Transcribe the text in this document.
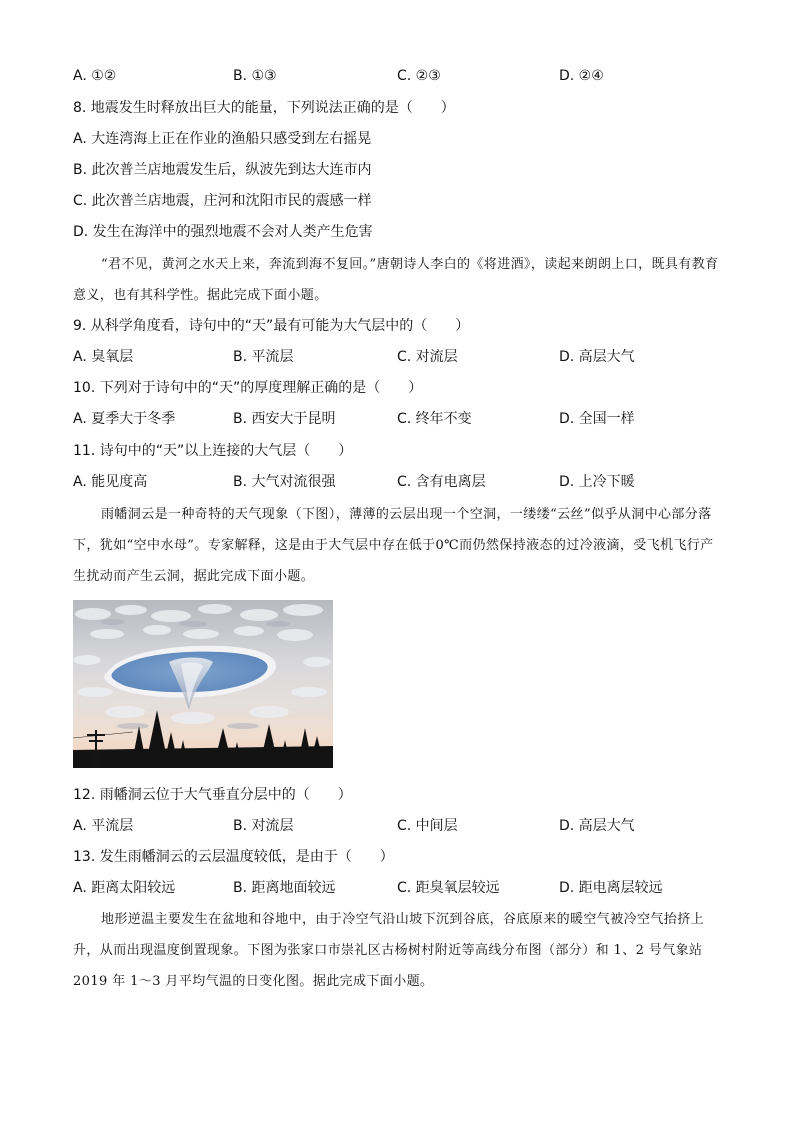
A. ①②	B. ①③	C. ②③	D. ②④
8. 地震发生时释放出巨大的能量，下列说法正确的是（　　）
A. 大连湾海上正在作业的渔船只感受到左右摇晃
B. 此次普兰店地震发生后，纵波先到达大连市内
C. 此次普兰店地震，庄河和沈阳市民的震感一样
D. 发生在海洋中的强烈地震不会对人类产生危害
“君不见，黄河之水天上来，奔流到海不复回。”唐朝诗人李白的《将进酒》，读起来朗朗上口，既具有教育意义，也有其科学性。据此完成下面小题。
9. 从科学角度看，诗句中的“天”最有可能为大气层中的（　　）
A. 臭氧层	B. 平流层	C. 对流层	D. 高层大气
10. 下列对于诗句中的“天”的厚度理解正确的是（　　）
A. 夏季大于冬季	B. 西安大于昆明	C. 终年不变	D. 全国一样
11. 诗句中的“天”以上连接的大气层（　　）
A. 能见度高	B. 大气对流很强	C. 含有电离层	D. 上冷下暖
雨幡洞云是一种奇特的天气现象（下图），薄薄的云层出现一个空洞，一缕缕“云丝”似乎从洞中心部分落下，犹如“空中水母”。专家解释，这是由于大气层中存在低于0℃而仍然保持液态的过冷液滴，受飞机飞行产生扰动而产生云洞，据此完成下面小题。
12. 雨幡洞云位于大气垂直分层中的（　　）
A. 平流层	B. 对流层	C. 中间层	D. 高层大气
13. 发生雨幡洞云的云层温度较低，是由于（　　）
A. 距离太阳较远	B. 距离地面较远	C. 距臭氧层较远	D. 距电离层较远
地形逆温主要发生在盆地和谷地中，由于冷空气沿山坡下沉到谷底，谷底原来的暖空气被冷空气抬挤上升，从而出现温度倒置现象。下图为张家口市崇礼区古杨树村附近等高线分布图（部分）和 1、2 号气象站 2019 年 1～3 月平均气温的日变化图。据此完成下面小题。
